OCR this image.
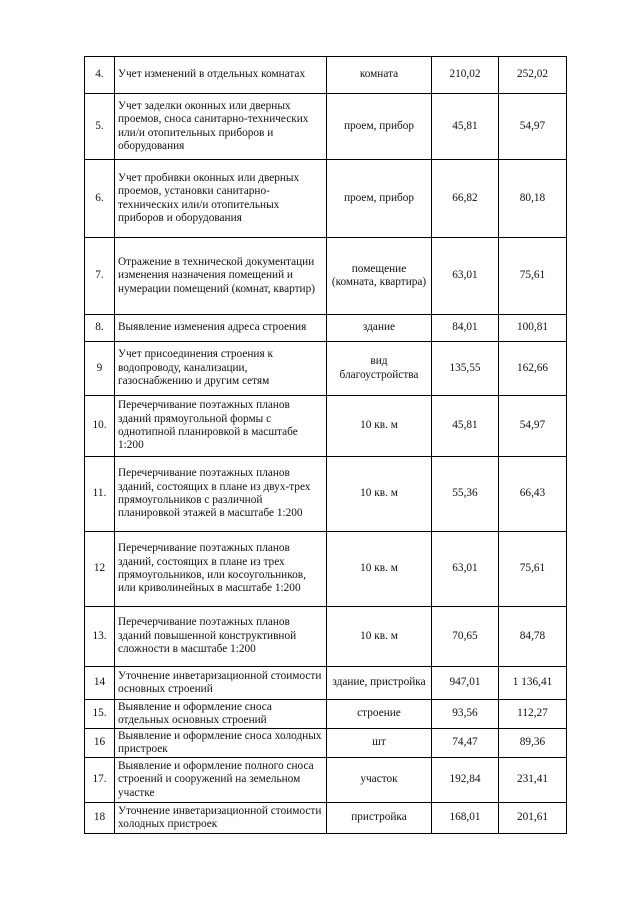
4.	Учет изменений в отдельных комнатах	комната	210,02	252,02
5.	Учет заделки оконных или дверных проемов, сноса санитарно-технических или/и отопительных приборов и оборудования	проем, прибор	45,81	54,97
6.	Учет пробивки оконных или дверных проемов, установки санитарно-технических или/и отопительных приборов и оборудования	проем, прибор	66,82	80,18
7.	Отражение в технической документации изменения назначения помещений и нумерации помещений (комнат, квартир)	помещение (комната, квартира)	63,01	75,61
8.	Выявление изменения адреса строения	здание	84,01	100,81
9	Учет присоединения строения к водопроводу, канализации, газоснабжению и другим сетям	вид благоустройства	135,55	162,66
10.	Перечерчивание поэтажных планов зданий прямоугольной формы с однотипной планировкой в масштабе 1:200	10 кв. м	45,81	54,97
11.	Перечерчивание поэтажных планов зданий, состоящих в плане из двух-трех прямоугольников с различной планировкой этажей в масштабе 1:200	10 кв. м	55,36	66,43
12	Перечерчивание поэтажных планов зданий, состоящих в плане из трех прямоугольников, или косоугольников, или криволинейных в масштабе 1:200	10 кв. м	63,01	75,61
13.	Перечерчивание поэтажных планов зданий повышенной конструктивной сложности в масштабе 1:200	10 кв. м	70,65	84,78
14	Уточнение инветаризационной стоимости основных строений	здание, пристройка	947,01	1 136,41
15.	Выявление и оформление сноса отдельных основных строений	строение	93,56	112,27
16	Выявление и оформление сноса холодных пристроек	шт	74,47	89,36
17.	Выявление и оформление полного сноса строений и сооружений на земельном участке	участок	192,84	231,41
18	Уточнение инветаризационной стоимости холодных пристроек	пристройка	168,01	201,61
